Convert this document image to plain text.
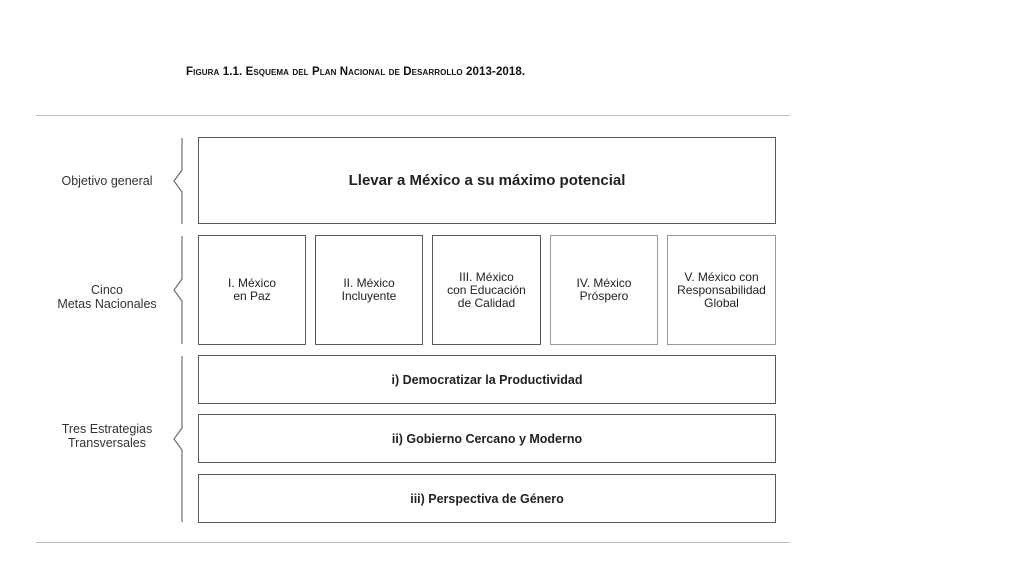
Figura 1.1. Esquema del Plan Nacional de Desarrollo 2013-2018.
Objetivo general	Llevar a México a su máximo potencial
Cinco
Metas Nacionales
I. México
en Paz
II. México
Incluyente
III. México
con Educación
de Calidad
IV. México
Próspero
V. México con
Responsabilidad
Global
Tres Estrategias
Transversales
i) Democratizar la Productividad
ii) Gobierno Cercano y Moderno
iii) Perspectiva de Género
